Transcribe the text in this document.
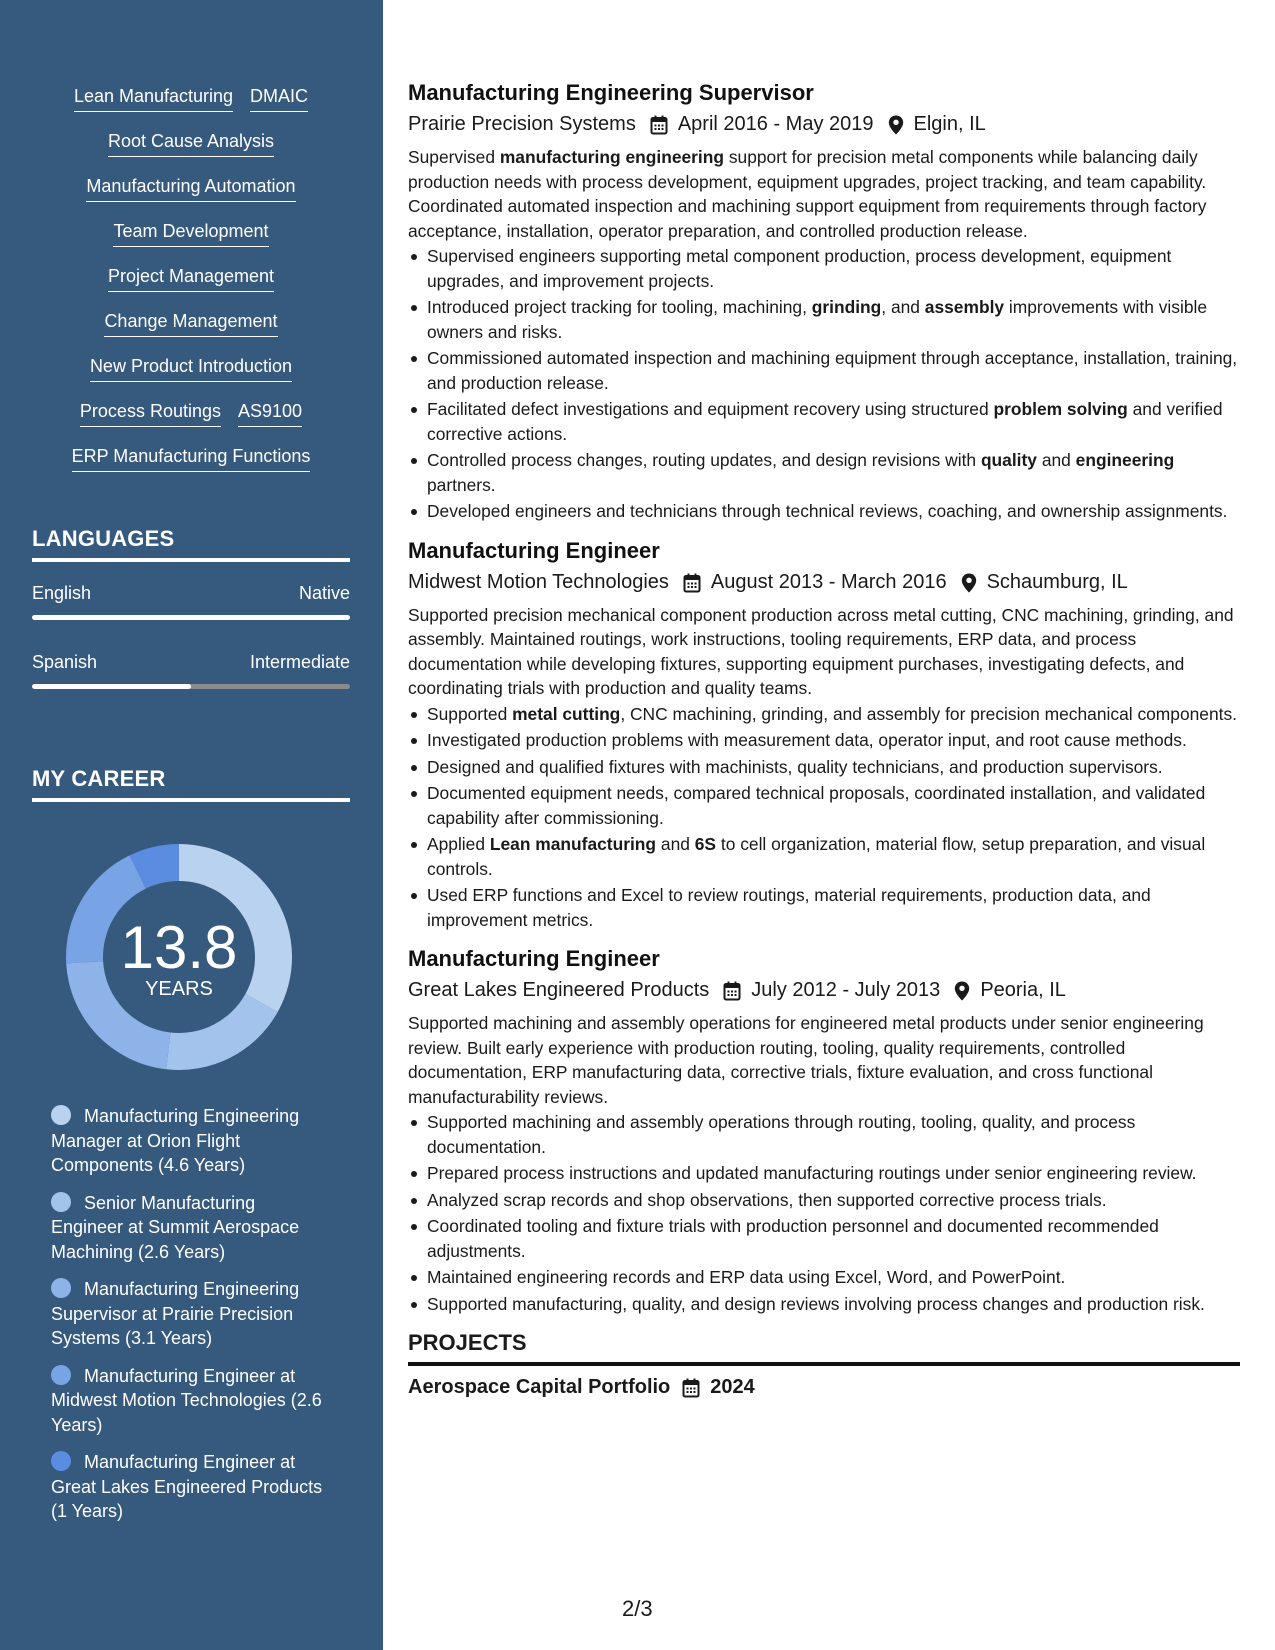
Lean Manufacturing DMAIC
Root Cause Analysis
Manufacturing Automation
Team Development
Project Management
Change Management
New Product Introduction
Process Routings AS9100
ERP Manufacturing Functions
LANGUAGES
English	Native
Spanish	Intermediate
MY CAREER
13.8
YEARS
Manufacturing Engineering Manager at Orion Flight Components (4.6 Years)
Senior Manufacturing Engineer at Summit Aerospace Machining (2.6 Years)
Manufacturing Engineering Supervisor at Prairie Precision Systems (3.1 Years)
Manufacturing Engineer at Midwest Motion Technologies (2.6 Years)
Manufacturing Engineer at Great Lakes Engineered Products (1 Years)
Manufacturing Engineering Supervisor
Prairie Precision Systems April 2016 - May 2019 Elgin, IL
Supervised manufacturing engineering support for precision metal components while balancing daily production needs with process development, equipment upgrades, project tracking, and team capability. Coordinated automated inspection and machining support equipment from requirements through factory acceptance, installation, operator preparation, and controlled production release.
Supervised engineers supporting metal component production, process development, equipment upgrades, and improvement projects.
Introduced project tracking for tooling, machining, grinding, and assembly improvements with visible owners and risks.
Commissioned automated inspection and machining equipment through acceptance, installation, training, and production release.
Facilitated defect investigations and equipment recovery using structured problem solving and verified corrective actions.
Controlled process changes, routing updates, and design revisions with quality and engineering partners.
Developed engineers and technicians through technical reviews, coaching, and ownership assignments.
Manufacturing Engineer
Midwest Motion Technologies August 2013 - March 2016 Schaumburg, IL
Supported precision mechanical component production across metal cutting, CNC machining, grinding, and assembly. Maintained routings, work instructions, tooling requirements, ERP data, and process documentation while developing fixtures, supporting equipment purchases, investigating defects, and coordinating trials with production and quality teams.
Supported metal cutting, CNC machining, grinding, and assembly for precision mechanical components.
Investigated production problems with measurement data, operator input, and root cause methods.
Designed and qualified fixtures with machinists, quality technicians, and production supervisors.
Documented equipment needs, compared technical proposals, coordinated installation, and validated capability after commissioning.
Applied Lean manufacturing and 6S to cell organization, material flow, setup preparation, and visual controls.
Used ERP functions and Excel to review routings, material requirements, production data, and improvement metrics.
Manufacturing Engineer
Great Lakes Engineered Products July 2012 - July 2013 Peoria, IL
Supported machining and assembly operations for engineered metal products under senior engineering review. Built early experience with production routing, tooling, quality requirements, controlled documentation, ERP manufacturing data, corrective trials, fixture evaluation, and cross functional manufacturability reviews.
Supported machining and assembly operations through routing, tooling, quality, and process documentation.
Prepared process instructions and updated manufacturing routings under senior engineering review.
Analyzed scrap records and shop observations, then supported corrective process trials.
Coordinated tooling and fixture trials with production personnel and documented recommended adjustments.
Maintained engineering records and ERP data using Excel, Word, and PowerPoint.
Supported manufacturing, quality, and design reviews involving process changes and production risk.
PROJECTS
Aerospace Capital Portfolio 2024
2/3
